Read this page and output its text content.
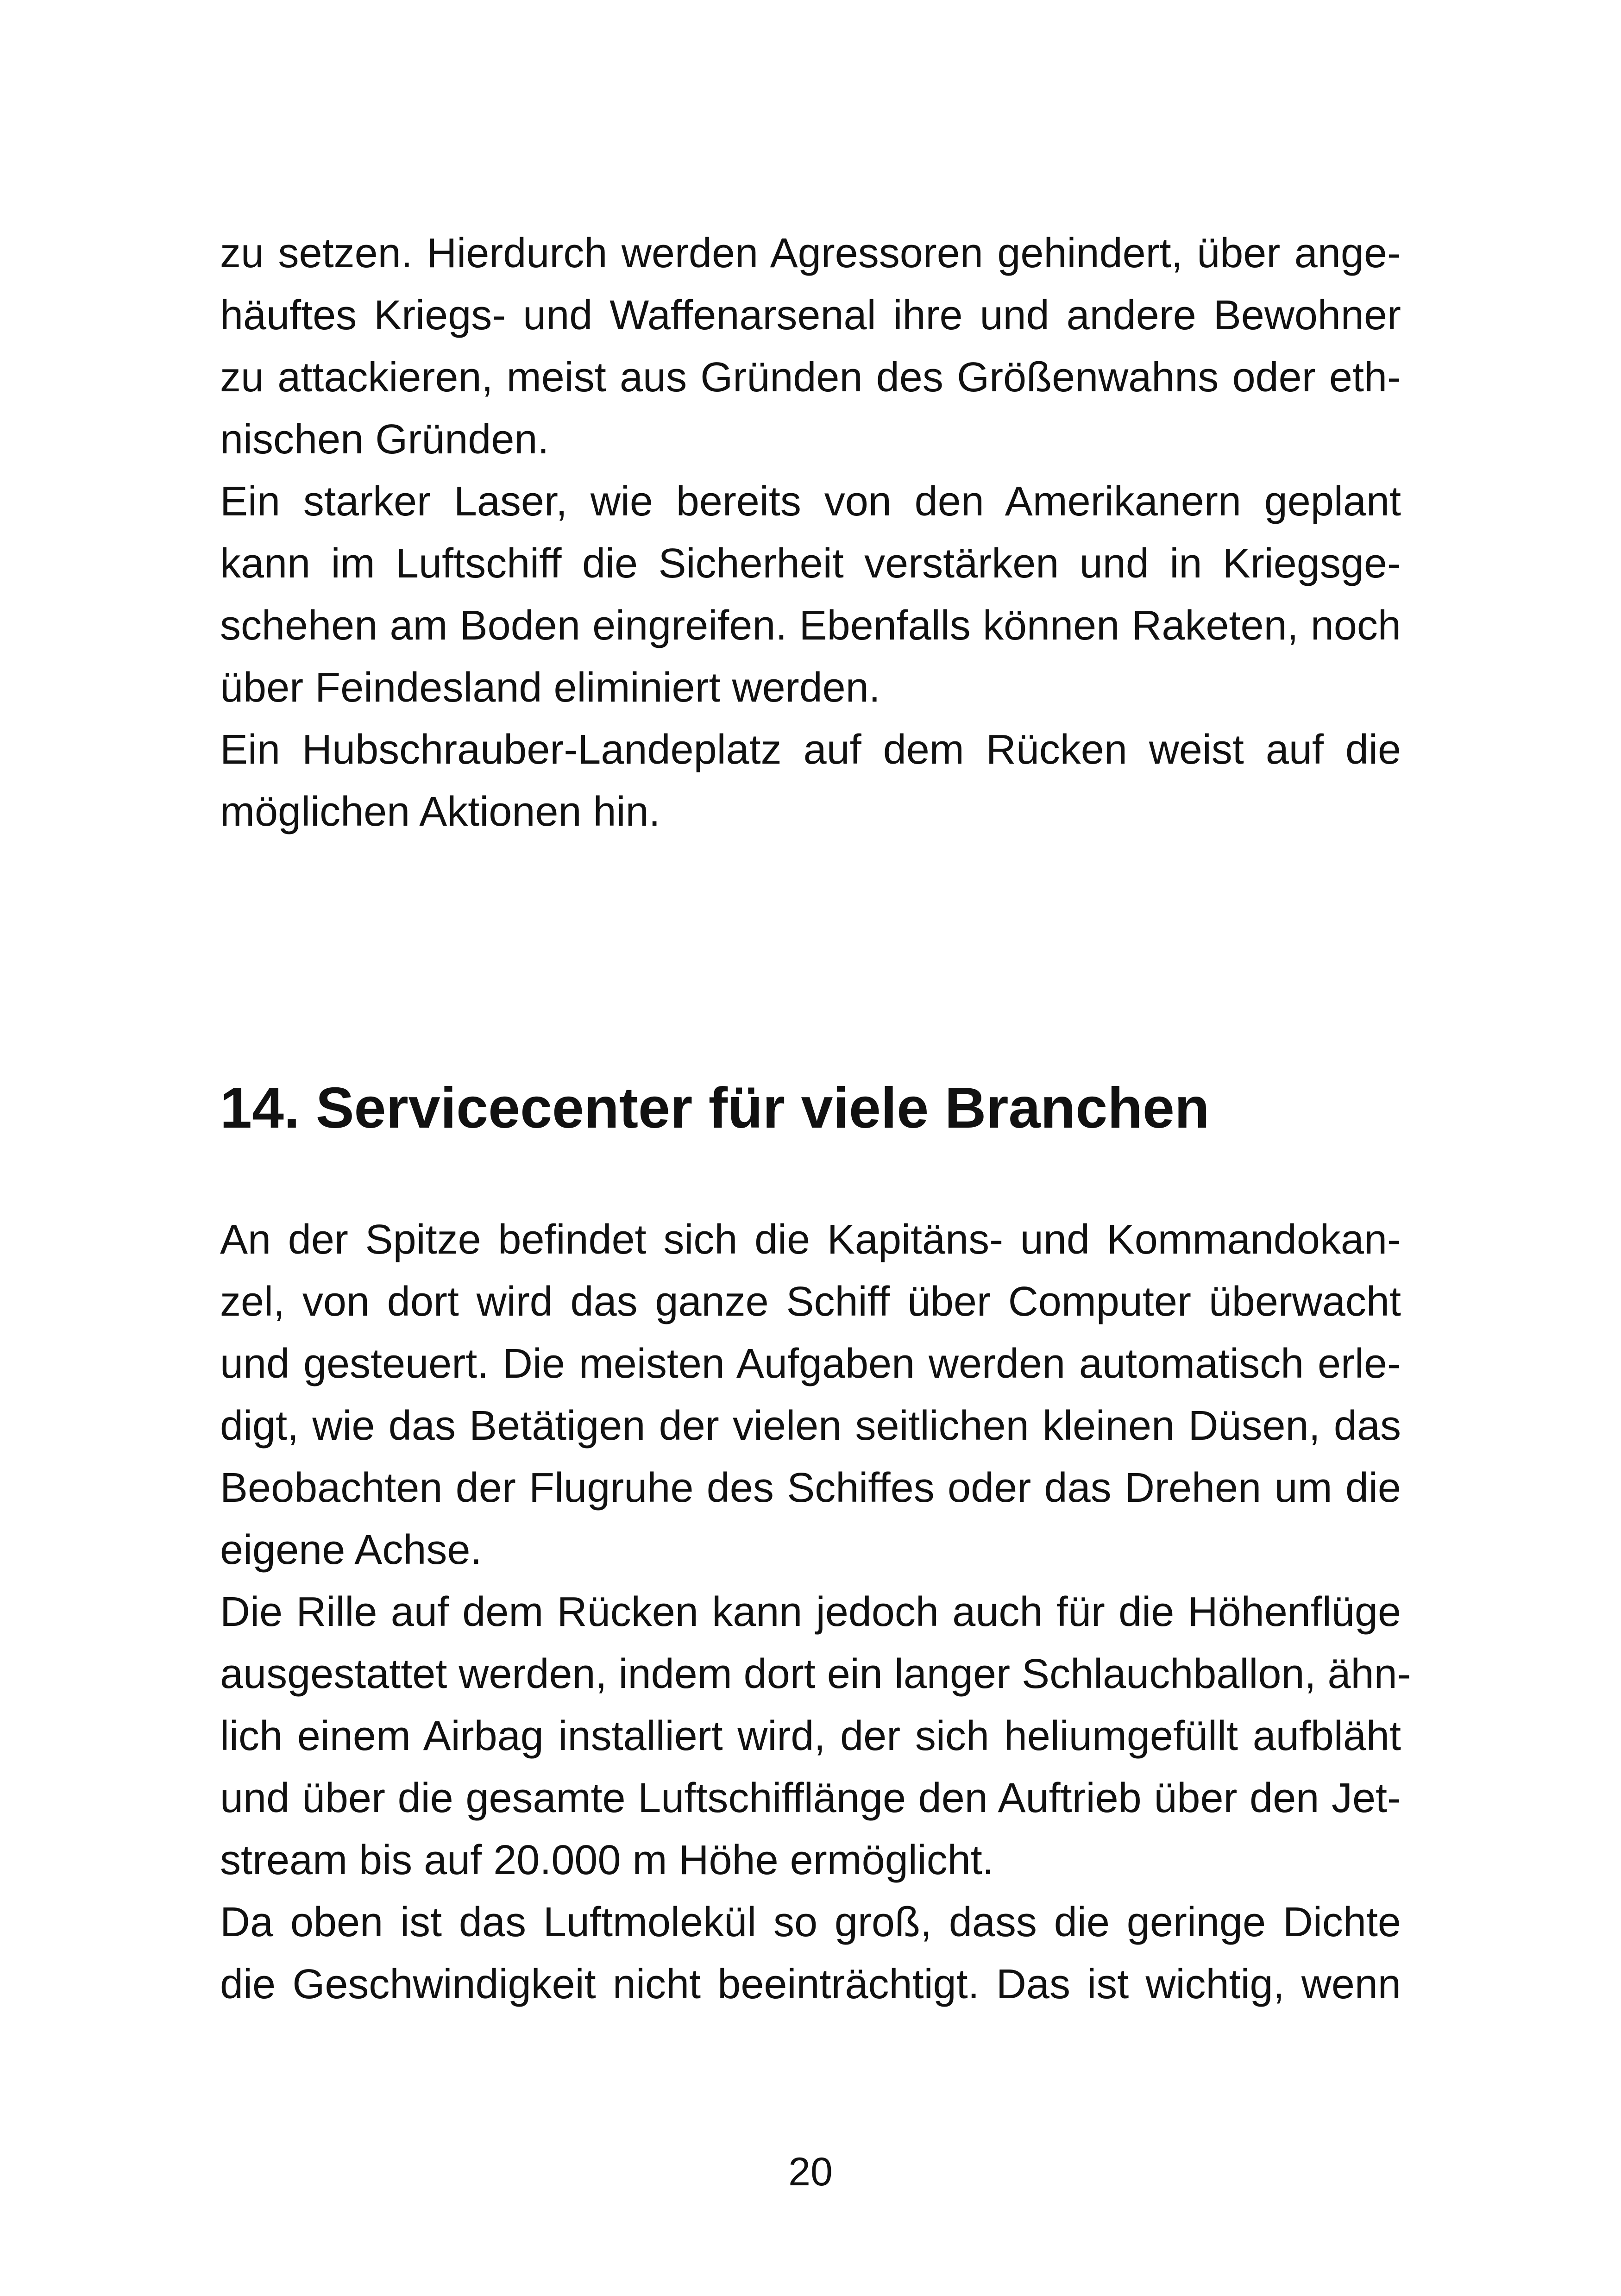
zu setzen. Hierdurch werden Agressoren gehindert, über ange-

häuftes Kriegs- und Waffenarsenal ihre und andere Bewohner

zu attackieren, meist aus Gründen des Größenwahns oder eth-

nischen Gründen.

Ein starker Laser, wie bereits von den Amerikanern geplant

kann im Luftschiff die Sicherheit verstärken und in Kriegsge-

schehen am Boden eingreifen. Ebenfalls können Raketen, noch

über Feindesland eliminiert werden.

Ein Hubschrauber-Landeplatz auf dem Rücken weist auf die

möglichen Aktionen hin.

14. Servicecenter für viele Branchen

An der Spitze befindet sich die Kapitäns- und Kommandokan-

zel, von dort wird das ganze Schiff über Computer überwacht

und gesteuert. Die meisten Aufgaben werden automatisch erle-

digt, wie das Betätigen der vielen seitlichen kleinen Düsen, das

Beobachten der Flugruhe des Schiffes oder das Drehen um die

eigene Achse.

Die Rille auf dem Rücken kann jedoch auch für die Höhenflüge

ausgestattet werden, indem dort ein langer Schlauchballon, ähn-

lich einem Airbag installiert wird, der sich heliumgefüllt aufbläht

und über die gesamte Luftschifflänge den Auftrieb über den Jet-

stream bis auf 20.000 m Höhe ermöglicht.

Da oben ist das Luftmolekül so groß, dass die geringe Dichte

die Geschwindigkeit nicht beeinträchtigt. Das ist wichtig, wenn

20
